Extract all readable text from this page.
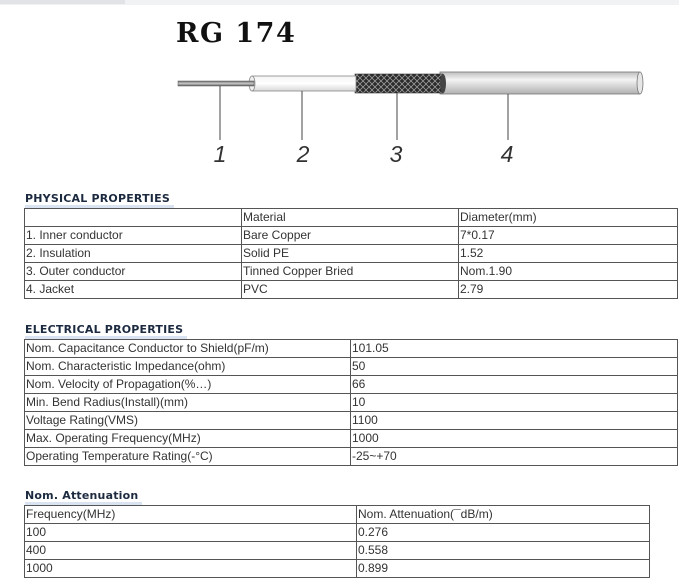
RG 174
1	2	3	4
PHYSICAL PROPERTIES
	Material	Diameter(mm)
1. Inner conductor	Bare Copper	7*0.17
2. Insulation	Solid PE	1.52
3. Outer conductor	Tinned Copper Bried	Nom.1.90
4. Jacket	PVC	2.79
ELECTRICAL PROPERTIES
Nom. Capacitance Conductor to Shield(pF/m)	101.05
Nom. Characteristic Impedance(ohm)	50
Nom. Velocity of Propagation(%…)	66
Min. Bend Radius(Install)(mm)	10
Voltage Rating(VMS)	1100
Max. Operating Frequency(MHz)	1000
Operating Temperature Rating(-°C)	-25~+70
Nom. Attenuation
Frequency(MHz)	Nom. Attenuation(¯dB/m)
100	0.276
400	0.558
1000	0.899
